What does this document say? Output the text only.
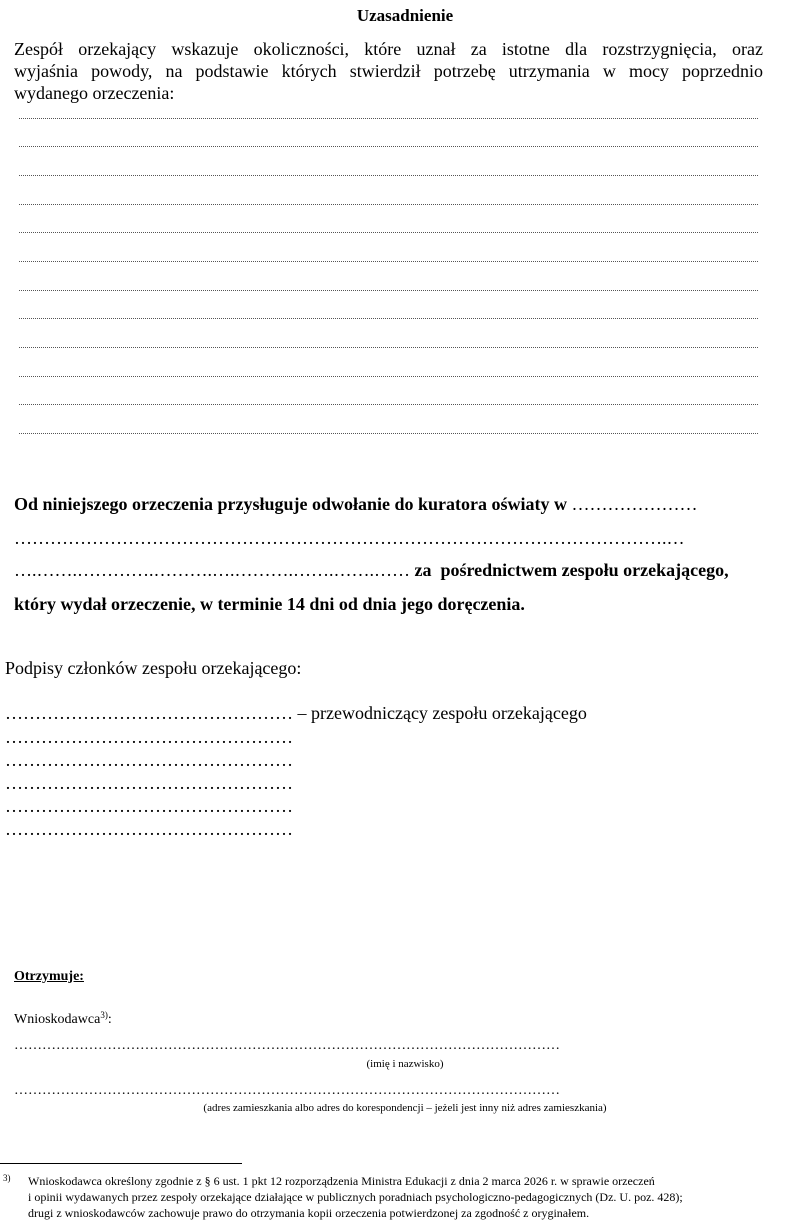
Uzasadnienie
Zespół orzekający wskazuje okoliczności, które uznał za istotne dla rozstrzygnięcia, oraz
wyjaśnia powody, na podstawie których stwierdził potrzebę utrzymania w mocy poprzednio
wydanego orzeczenia:
Od niniejszego orzeczenia przysługuje odwołanie do kuratora oświaty w …………………
……………………………………………………………………………………………….…
….…….………….……….….……….…….…….…… za  pośrednictwem zespołu orzekającego,
który wydał orzeczenie, w terminie 14 dni od dnia jego doręczenia.
Podpisy członków zespołu orzekającego:
………………………………………… – przewodniczący zespołu orzekającego
…………………………………………
…………………………………………
…………………………………………
…………………………………………
…………………………………………
Otrzymuje:
Wnioskodawca$^{3)}$:
………………………………………………………………………………………………………
(imię i nazwisko)
………………………………………………………………………………………………………
(adres zamieszkania albo adres do korespondencji – jeżeli jest inny niż adres zamieszkania)
3) Wnioskodawca określony zgodnie z § 6 ust. 1 pkt 12 rozporządzenia Ministra Edukacji z dnia 2 marca 2026 r. w sprawie orzeczeń
i opinii wydawanych przez zespoły orzekające działające w publicznych poradniach psychologiczno-pedagogicznych (Dz. U. poz. 428);
drugi z wnioskodawców zachowuje prawo do otrzymania kopii orzeczenia potwierdzonej za zgodność z oryginałem.
